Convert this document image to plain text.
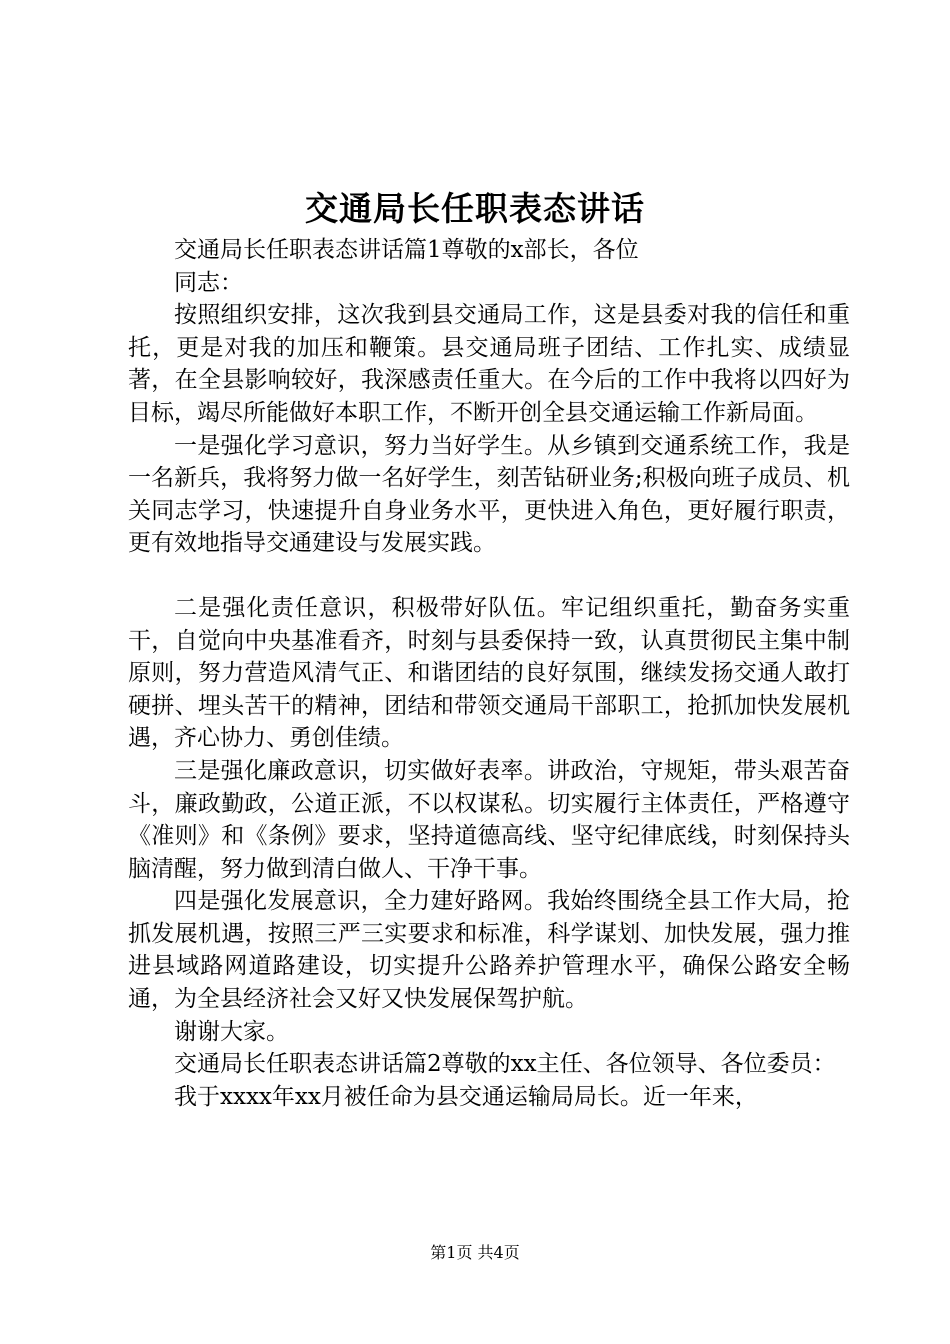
交通局长任职表态讲话

交通局长任职表态讲话篇1尊敬的x部长，各位

同志：

按照组织安排，这次我到县交通局工作，这是县委对我的信任和重托，更是对我的加压和鞭策。县交通局班子团结、工作扎实、成绩显著，在全县影响较好，我深感责任重大。在今后的工作中我将以四好为目标，竭尽所能做好本职工作，不断开创全县交通运输工作新局面。

一是强化学习意识，努力当好学生。从乡镇到交通系统工作，我是一名新兵，我将努力做一名好学生，刻苦钻研业务;积极向班子成员、机关同志学习，快速提升自身业务水平，更快进入角色，更好履行职责，更有效地指导交通建设与发展实践。

二是强化责任意识，积极带好队伍。牢记组织重托，勤奋务实重干，自觉向中央基准看齐，时刻与县委保持一致，认真贯彻民主集中制原则，努力营造风清气正、和谐团结的良好氛围，继续发扬交通人敢打硬拼、埋头苦干的精神，团结和带领交通局干部职工，抢抓加快发展机遇，齐心协力、勇创佳绩。

三是强化廉政意识，切实做好表率。讲政治，守规矩，带头艰苦奋斗，廉政勤政，公道正派，不以权谋私。切实履行主体责任，严格遵守《准则》和《条例》要求，坚持道德高线、坚守纪律底线，时刻保持头脑清醒，努力做到清白做人、干净干事。

四是强化发展意识，全力建好路网。我始终围绕全县工作大局，抢抓发展机遇，按照三严三实要求和标准，科学谋划、加快发展，强力推进县域路网道路建设，切实提升公路养护管理水平，确保公路安全畅通，为全县经济社会又好又快发展保驾护航。

谢谢大家。

交通局长任职表态讲话篇2尊敬的xx主任、各位领导、各位委员：

我于xxxx年xx月被任命为县交通运输局局长。近一年来，

第1页 共4页
